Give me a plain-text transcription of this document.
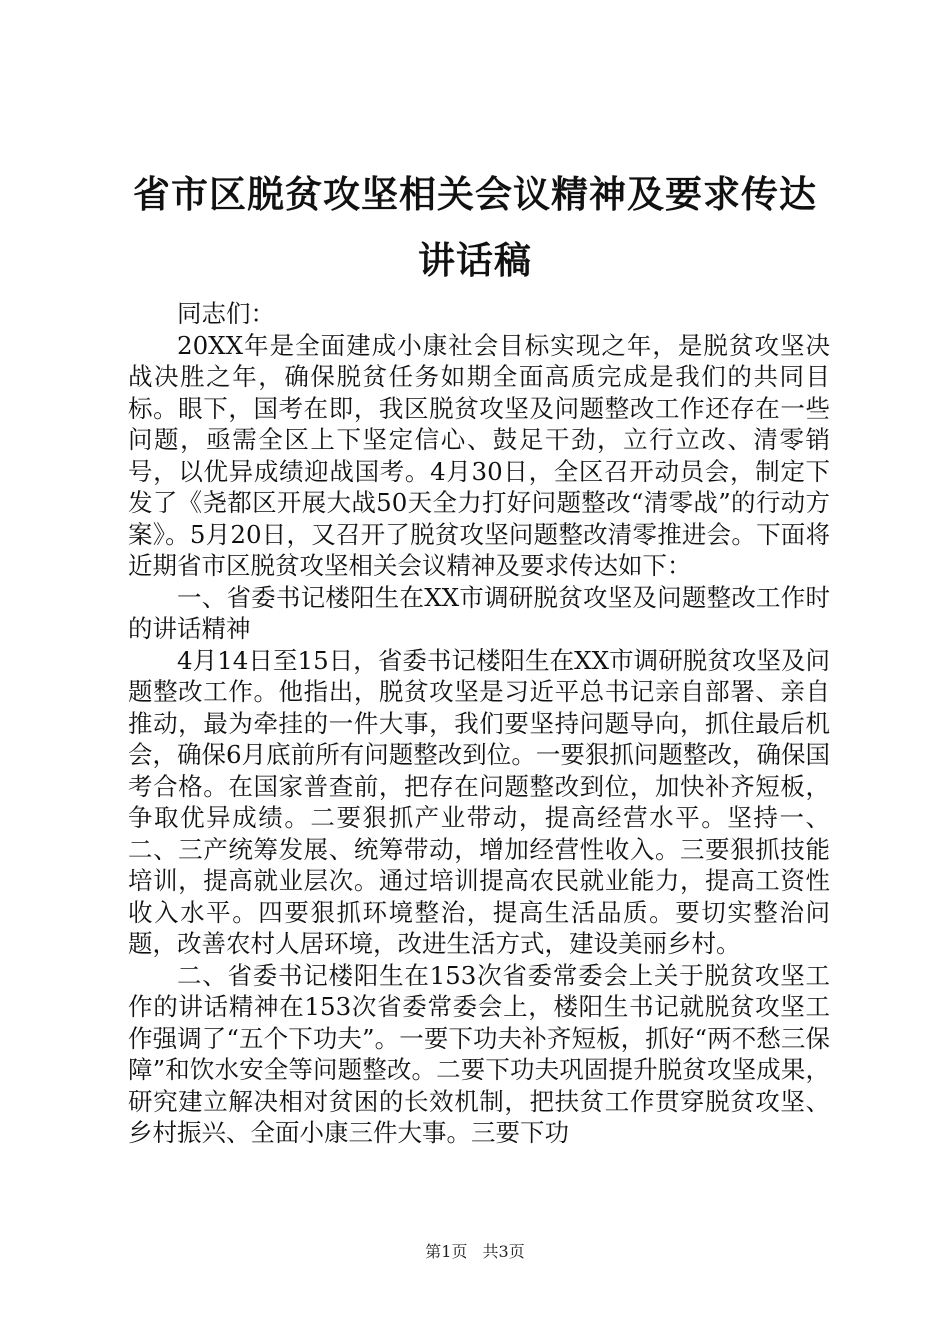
省市区脱贫攻坚相关会议精神及要求传达讲话稿

同志们：

20XX年是全面建成小康社会目标实现之年，是脱贫攻坚决战决胜之年，确保脱贫任务如期全面高质完成是我们的共同目标。眼下，国考在即，我区脱贫攻坚及问题整改工作还存在一些问题，亟需全区上下坚定信心、鼓足干劲，立行立改、清零销号，以优异成绩迎战国考。4月30日，全区召开动员会，制定下发了《尧都区开展大战50天全力打好问题整改“清零战”的行动方案》。5月20日，又召开了脱贫攻坚问题整改清零推进会。下面将近期省市区脱贫攻坚相关会议精神及要求传达如下：

一、省委书记楼阳生在XX市调研脱贫攻坚及问题整改工作时的讲话精神

4月14日至15日，省委书记楼阳生在XX市调研脱贫攻坚及问题整改工作。他指出，脱贫攻坚是习近平总书记亲自部署、亲自推动，最为牵挂的一件大事，我们要坚持问题导向，抓住最后机会，确保6月底前所有问题整改到位。一要狠抓问题整改，确保国考合格。在国家普查前，把存在问题整改到位，加快补齐短板，争取优异成绩。二要狠抓产业带动，提高经营水平。坚持一、二、三产统筹发展、统筹带动，增加经营性收入。三要狠抓技能培训，提高就业层次。通过培训提高农民就业能力，提高工资性收入水平。四要狠抓环境整治，提高生活品质。要切实整治问题，改善农村人居环境，改进生活方式，建设美丽乡村。

二、省委书记楼阳生在153次省委常委会上关于脱贫攻坚工作的讲话精神在153次省委常委会上，楼阳生书记就脱贫攻坚工作强调了“五个下功夫”。一要下功夫补齐短板，抓好“两不愁三保障”和饮水安全等问题整改。二要下功夫巩固提升脱贫攻坚成果，研究建立解决相对贫困的长效机制，把扶贫工作贯穿脱贫攻坚、乡村振兴、全面小康三件大事。三要下功

第1页 共3页
